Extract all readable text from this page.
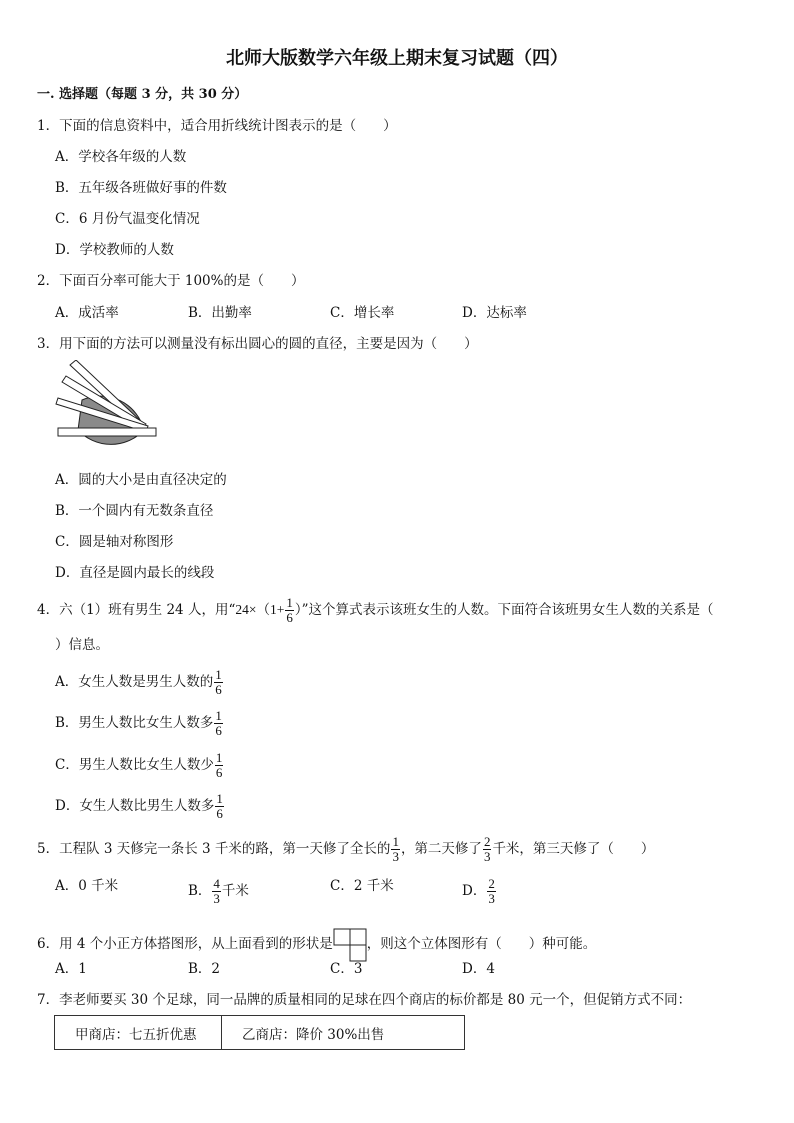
北师大版数学六年级上期末复习试题（四）
一. 选择题（每题 3 分，共 30 分）
1．下面的信息资料中，适合用折线统计图表示的是（　　）
A．学校各年级的人数
B．五年级各班做好事的件数
C．6 月份气温变化情况
D．学校教师的人数
2．下面百分率可能大于 100%的是（　　）
A．成活率	B．出勤率	C．增长率	D．达标率
3．用下面的方法可以测量没有标出圆心的圆的直径，主要是因为（　　）
A．圆的大小是由直径决定的
B．一个圆内有无数条直径
C．圆是轴对称图形
D．直径是圆内最长的线段
4．六（1）班有男生 24 人，用“$24\times(1+ \frac{1}{6}$ ）”这个算式表示该班女生的人数。下面符合该班男女生人数的关系是（
）信息。
A．女生人数是男生人数的 $\frac{1}{6}$
B．男生人数比女生人数多 $\frac{1}{6}$
C．男生人数比女生人数少 $\frac{1}{6}$
D．女生人数比男生人数多 $\frac{1}{6}$
5．工程队 3 天修完一条长 3 千米的路，第一天修了全长的 $\frac{1}{3}$ ，第二天修了 $\frac{2}{3}$ 千米，第三天修了（　　）
A．0 千米	B． $\frac{4}{3}$ 千米	C．2 千米	D． $\frac{2}{3}$
6．用 4 个小正方体搭图形，从上面看到的形状是	，则这个立体图形有（　　）种可能。
A．1	B．2	C．3	D．4
7．李老师要买 30 个足球，同一品牌的质量相同的足球在四个商店的标价都是 80 元一个，但促销方式不同：
甲商店：七五折优惠	乙商店：降价 30%出售
